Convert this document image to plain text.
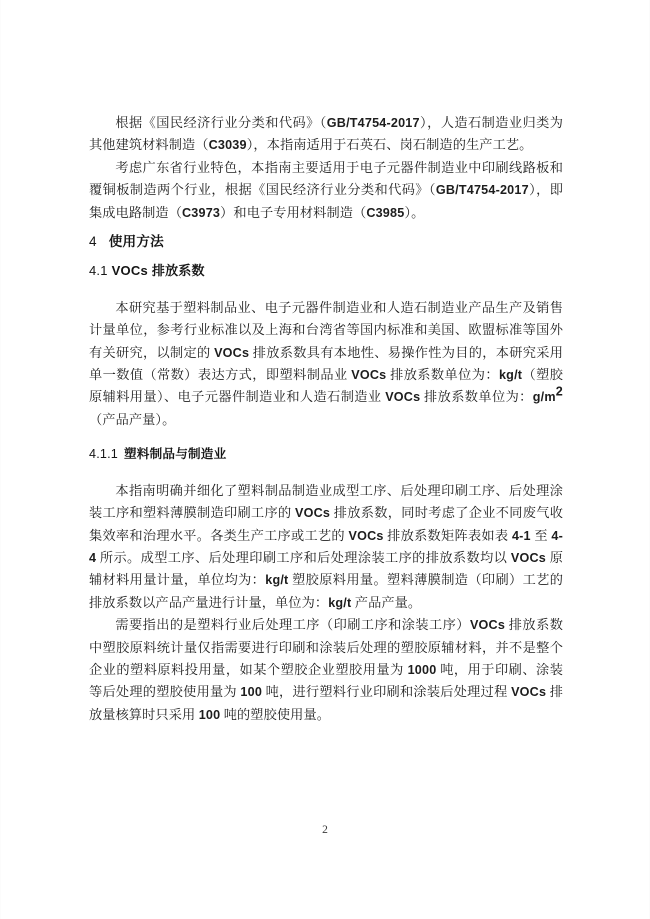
根据《国民经济行业分类和代码》（GB/T4754-2017），人造石制造业归类为其他建筑材料制造（C3039），本指南适用于石英石、岗石制造的生产工艺。

考虑广东省行业特色，本指南主要适用于电子元器件制造业中印刷线路板和覆铜板制造两个行业，根据《国民经济行业分类和代码》（GB/T4754-2017），即集成电路制造（C3973）和电子专用材料制造（C3985）。

4 使用方法
4.1 VOCs 排放系数

本研究基于塑料制品业、电子元器件制造业和人造石制造业产品生产及销售计量单位，参考行业标准以及上海和台湾省等国内标准和美国、欧盟标准等国外有关研究，以制定的 VOCs 排放系数具有本地性、易操作性为目的，本研究采用单一数值（常数）表达方式，即塑料制品业 VOCs 排放系数单位为：kg/t（塑胶原辅料用量）、电子元器件制造业和人造石制造业 VOCs 排放系数单位为：$g/m^2$（产品产量）。

4.1.1 塑料制品与制造业

本指南明确并细化了塑料制品制造业成型工序、后处理印刷工序、后处理涂装工序和塑料薄膜制造印刷工序的 VOCs 排放系数，同时考虑了企业不同废气收集效率和治理水平。各类生产工序或工艺的 VOCs 排放系数矩阵表如表 4-1 至 4-4 所示。成型工序、后处理印刷工序和后处理涂装工序的排放系数均以 VOCs 原辅材料用量计量，单位均为：kg/t 塑胶原料用量。塑料薄膜制造（印刷）工艺的排放系数以产品产量进行计量，单位为：kg/t 产品产量。

需要指出的是塑料行业后处理工序（印刷工序和涂装工序）VOCs 排放系数中塑胶原料统计量仅指需要进行印刷和涂装后处理的塑胶原辅材料，并不是整个企业的塑料原料投用量，如某个塑胶企业塑胶用量为 1000 吨，用于印刷、涂装等后处理的塑胶使用量为 100 吨，进行塑料行业印刷和涂装后处理过程 VOCs 排放量核算时只采用 100 吨的塑胶使用量。

2
